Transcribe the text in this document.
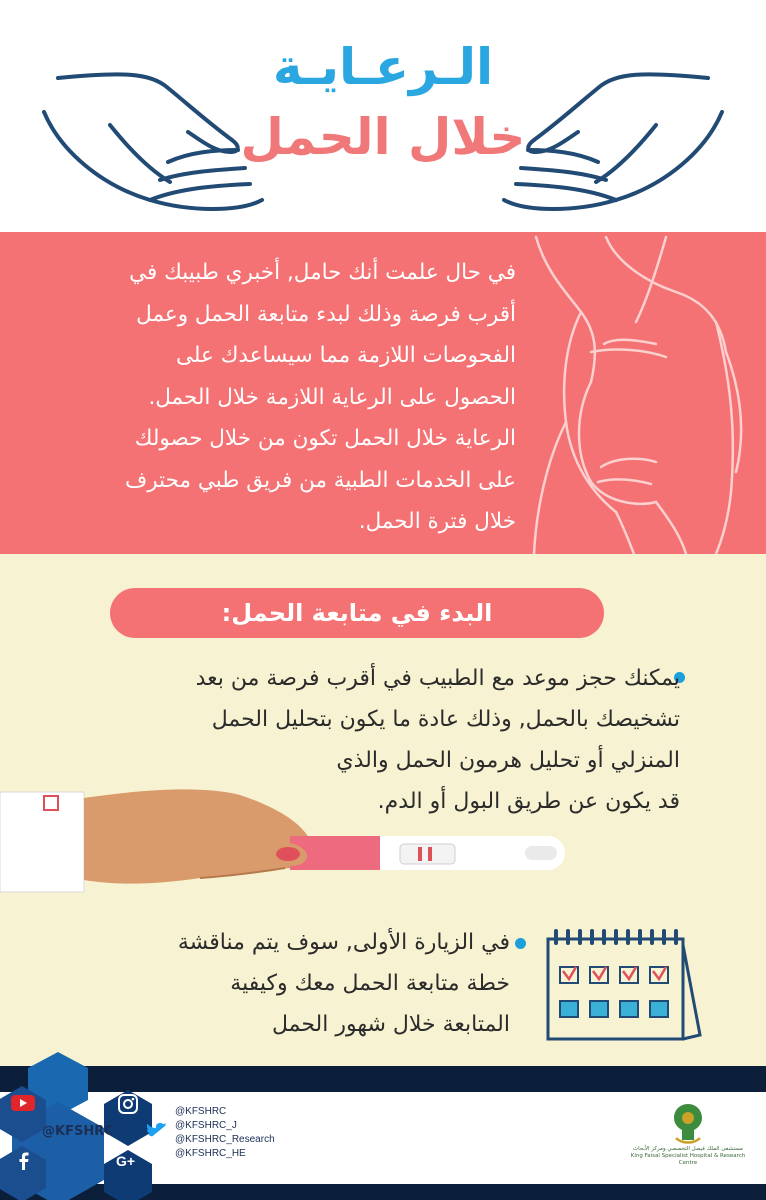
الـرعـايـة
خلال الحمل
في حال علمت أنك حامل, أخبري طبيبك في
أقرب فرصة وذلك لبدء متابعة الحمل وعمل
الفحوصات اللازمة مما سيساعدك على
الحصول على الرعاية اللازمة خلال الحمل.
الرعاية خلال الحمل تكون من خلال حصولك
على الخدمات الطبية من فريق طبي محترف
خلال فترة الحمل.
البدء في متابعة الحمل:
يمكنك حجز موعد مع الطبيب في أقرب فرصة من بعد
تشخيصك بالحمل, وذلك عادة ما يكون بتحليل الحمل
المنزلي أو تحليل هرمون الحمل والذي
قد يكون عن طريق البول أو الدم.
في الزيارة الأولى, سوف يتم مناقشة
خطة متابعة الحمل معك وكيفية
المتابعة خلال شهور الحمل
G+
@KFSHRC
@KFSHRC
@KFSHRC_J
@KFSHRC_Research
@KFSHRC_HE	مستشفى الملك فيصل التخصصي ومركز الأبحاث
King Faisal Specialist Hospital & Research Centre
